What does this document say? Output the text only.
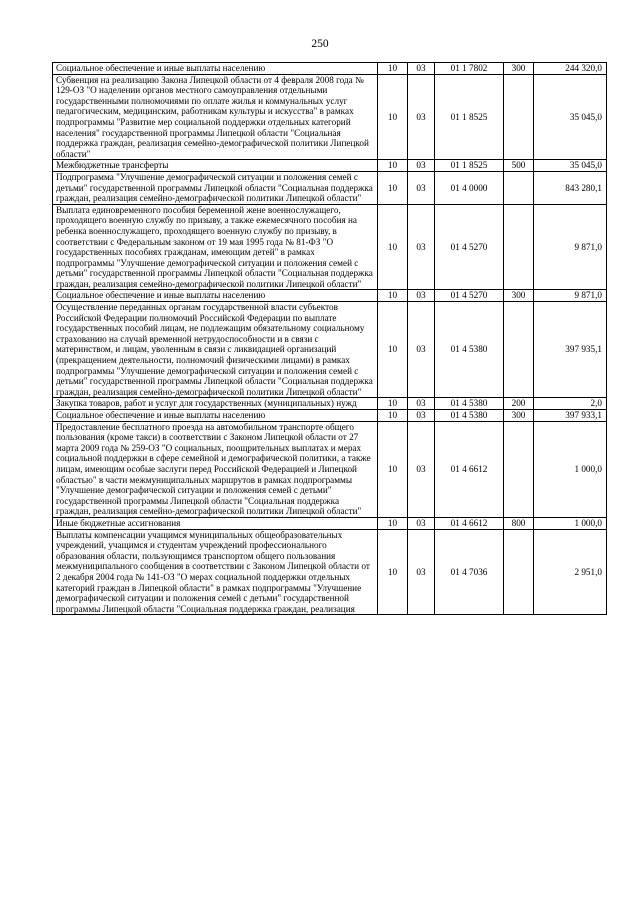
250
Социальное обеспечение и иные выплаты населению	10	03	01 1 7802	300	244 320,0
Субвенция на реализацию Закона Липецкой области от 4 февраля 2008 года № 129-ОЗ "О наделении органов местного самоуправления отдельными государственными полномочиями по оплате жилья и коммунальных услуг педагогическим, медицинским, работникам культуры и искусства" в рамках подпрограммы "Развитие мер социальной поддержки отдельных категорий населения" государственной программы Липецкой области "Социальная поддержка граждан, реализация семейно-демографической политики Липецкой области"	10	03	01 1 8525		35 045,0
Межбюджетные трансферты	10	03	01 1 8525	500	35 045,0
Подпрограмма "Улучшение демографической ситуации и положения семей с детьми" государственной программы Липецкой области "Социальная поддержка граждан, реализация семейно-демографической политики Липецкой области"	10	03	01 4 0000		843 280,1
Выплата единовременного пособия беременной жене военнослужащего, проходящего военную службу по призыву, а также ежемесячного пособия на ребенка военнослужащего, проходящего военную службу по призыву, в соответствии с Федеральным законом от 19 мая 1995 года № 81-ФЗ "О государственных пособиях гражданам, имеющим детей" в рамках подпрограммы "Улучшение демографической ситуации и положения семей с детьми" государственной программы Липецкой области "Социальная поддержка граждан, реализация семейно-демографической политики Липецкой области"	10	03	01 4 5270		9 871,0
Социальное обеспечение и иные выплаты населению	10	03	01 4 5270	300	9 871,0
Осуществление переданных органам государственной власти субъектов Российской Федерации полномочий Российской Федерации по выплате государственных пособий лицам, не подлежащим обязательному социальному страхованию на случай временной нетрудоспособности и в связи с материнством, и лицам, уволенным в связи с ликвидацией организаций (прекращением деятельности, полномочий физическими лицами) в рамках подпрограммы "Улучшение демографической ситуации и положения семей с детьми" государственной программы Липецкой области "Социальная поддержка граждан, реализация семейно-демографической политики Липецкой области"	10	03	01 4 5380		397 935,1
Закупка товаров, работ и услуг для государственных (муниципальных) нужд	10	03	01 4 5380	200	2,0
Социальное обеспечение и иные выплаты населению	10	03	01 4 5380	300	397 933,1
Предоставление бесплатного проезда на автомобильном транспорте общего пользования (кроме такси) в соответствии с Законом Липецкой области от 27 марта 2009 года № 259-ОЗ "О социальных, поощрительных выплатах и мерах социальной поддержки в сфере семейной и демографической политики, а также лицам, имеющим особые заслуги перед Российской Федерацией и Липецкой областью" в части межмуниципальных маршрутов в рамках подпрограммы "Улучшение демографической ситуации и положения семей с детьми" государственной программы Липецкой области "Социальная поддержка граждан, реализация семейно-демографической политики Липецкой области"	10	03	01 4 6612		1 000,0
Иные бюджетные ассигнования	10	03	01 4 6612	800	1 000,0
Выплаты компенсации учащимся муниципальных общеобразовательных учреждений, учащимся и студентам учреждений профессионального образования области, пользующимся транспортом общего пользования межмуниципального сообщения в соответствии с Законом Липецкой области от 2 декабря 2004 года № 141-ОЗ "О мерах социальной поддержки отдельных категорий граждан в Липецкой области" в рамках подпрограммы "Улучшение демографической ситуации и положения семей с детьми" государственной программы Липецкой области "Социальная поддержка граждан, реализация	10	03	01 4 7036		2 951,0
